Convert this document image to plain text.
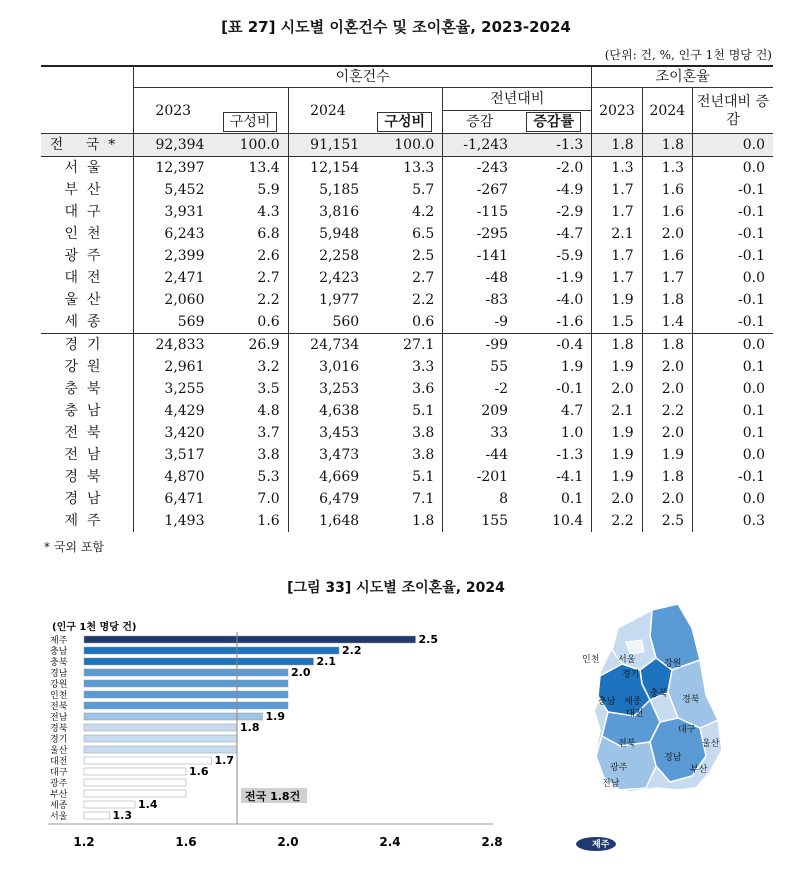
[표 27] 시도별 이혼건수 및 조이혼율, 2023-2024
(단위: 건, %, 인구 1천 명당 건)
	이혼건수						조이혼율		
	2023	구성비	2024	구성비	전년대비		2023	2024	전년대비 증감
					증감	증감률			
전 국*	92,394	100.0	91,151	100.0	-1,243	-1.3	1.8	1.8	0.0
서울	12,397	13.4	12,154	13.3	-243	-2.0	1.3	1.3	0.0
부산	5,452	5.9	5,185	5.7	-267	-4.9	1.7	1.6	-0.1
대구	3,931	4.3	3,816	4.2	-115	-2.9	1.7	1.6	-0.1
인천	6,243	6.8	5,948	6.5	-295	-4.7	2.1	2.0	-0.1
광주	2,399	2.6	2,258	2.5	-141	-5.9	1.7	1.6	-0.1
대전	2,471	2.7	2,423	2.7	-48	-1.9	1.7	1.7	0.0
울산	2,060	2.2	1,977	2.2	-83	-4.0	1.9	1.8	-0.1
세종	569	0.6	560	0.6	-9	-1.6	1.5	1.4	-0.1
경기	24,833	26.9	24,734	27.1	-99	-0.4	1.8	1.8	0.0
강원	2,961	3.2	3,016	3.3	55	1.9	1.9	2.0	0.1
충북	3,255	3.5	3,253	3.6	-2	-0.1	2.0	2.0	0.0
충남	4,429	4.8	4,638	5.1	209	4.7	2.1	2.2	0.1
전북	3,420	3.7	3,453	3.8	33	1.0	1.9	2.0	0.1
전남	3,517	3.8	3,473	3.8	-44	-1.3	1.9	1.9	0.0
경북	4,870	5.3	4,669	5.1	-201	-4.1	1.9	1.8	-0.1
경남	6,471	7.0	6,479	7.1	8	0.1	2.0	2.0	0.0
제주	1,493	1.6	1,648	1.8	155	10.4	2.2	2.5	0.3
* 국외 포함
[그림 33] 시도별 조이혼율, 2024
(인구 1천 명당 건)
제주	2.5
충남	2.2
충북	2.1
경남	2.0
강원
인천
전북
전남	1.9
경북	1.8
경기
울산
대전	1.7
대구	1.6
광주
부산
세종	1.4
서울	1.3
전국 1.8건
1.2	1.6	2.0	2.4	2.8
인천 서울	강원
경기
충북
충남 세종
대전
경북
대구
울산
전북
광주
경남
부산
전남
제주
